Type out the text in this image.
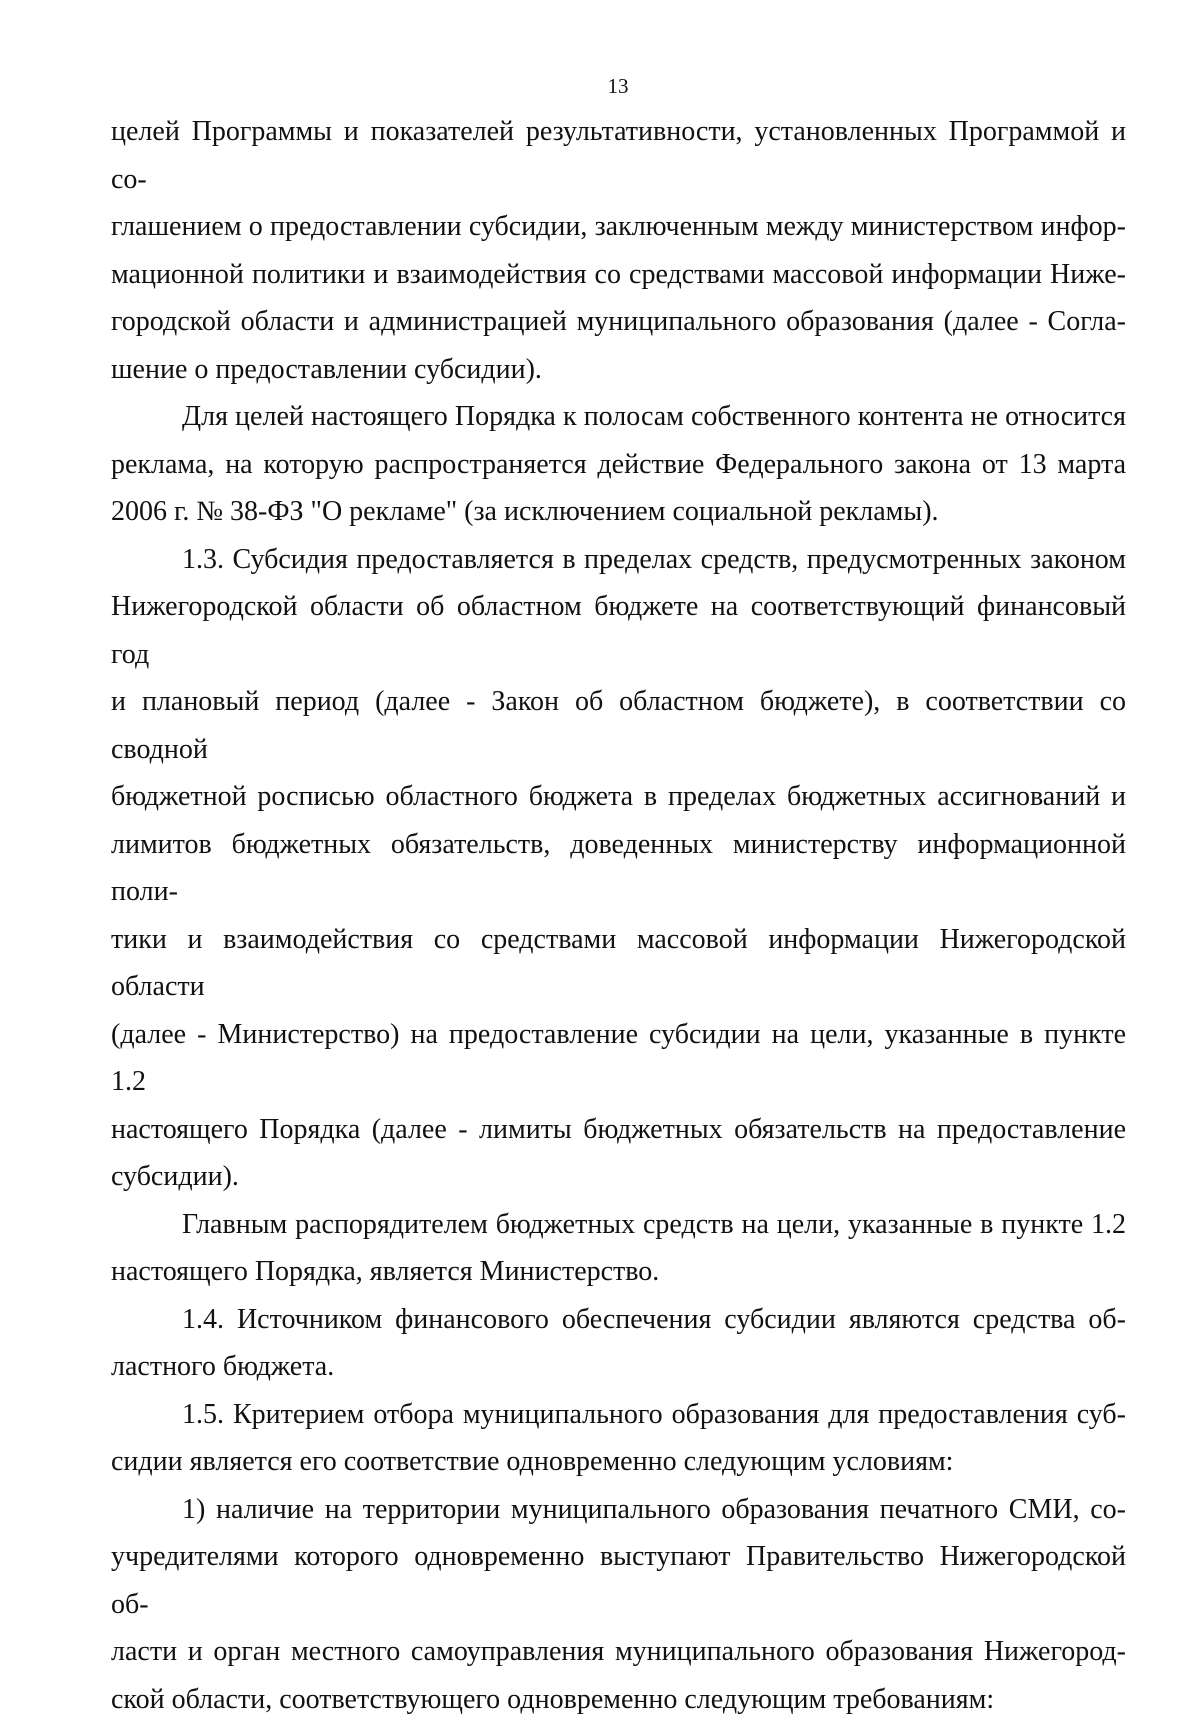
13

целей Программы и показателей результативности, установленных Программой и со-

глашением о предоставлении субсидии, заключенным между министерством инфор-

мационной политики и взаимодействия со средствами массовой информации Ниже-

городской области и администрацией муниципального образования (далее - Согла-

шение о предоставлении субсидии).

Для целей настоящего Порядка к полосам собственного контента не относится

реклама, на которую распространяется действие Федерального закона от 13 марта

2006 г. № 38-ФЗ "О рекламе" (за исключением социальной рекламы).

1.3. Субсидия предоставляется в пределах средств, предусмотренных законом

Нижегородской области об областном бюджете на соответствующий финансовый год

и плановый период (далее - Закон об областном бюджете), в соответствии со сводной

бюджетной росписью областного бюджета в пределах бюджетных ассигнований и

лимитов бюджетных обязательств, доведенных министерству информационной поли-

тики и взаимодействия со средствами массовой информации Нижегородской области

(далее - Министерство) на предоставление субсидии на цели, указанные в пункте 1.2

настоящего Порядка (далее - лимиты бюджетных обязательств на предоставление

субсидии).

Главным распорядителем бюджетных средств на цели, указанные в пункте 1.2

настоящего Порядка, является Министерство.

1.4. Источником финансового обеспечения субсидии являются средства об-

ластного бюджета.

1.5. Критерием отбора муниципального образования для предоставления суб-

сидии является его соответствие одновременно следующим условиям:

1) наличие на территории муниципального образования печатного СМИ, со-

учредителями которого одновременно выступают Правительство Нижегородской об-

ласти и орган местного самоуправления муниципального образования Нижегород-

ской области, соответствующего одновременно следующим требованиям:
